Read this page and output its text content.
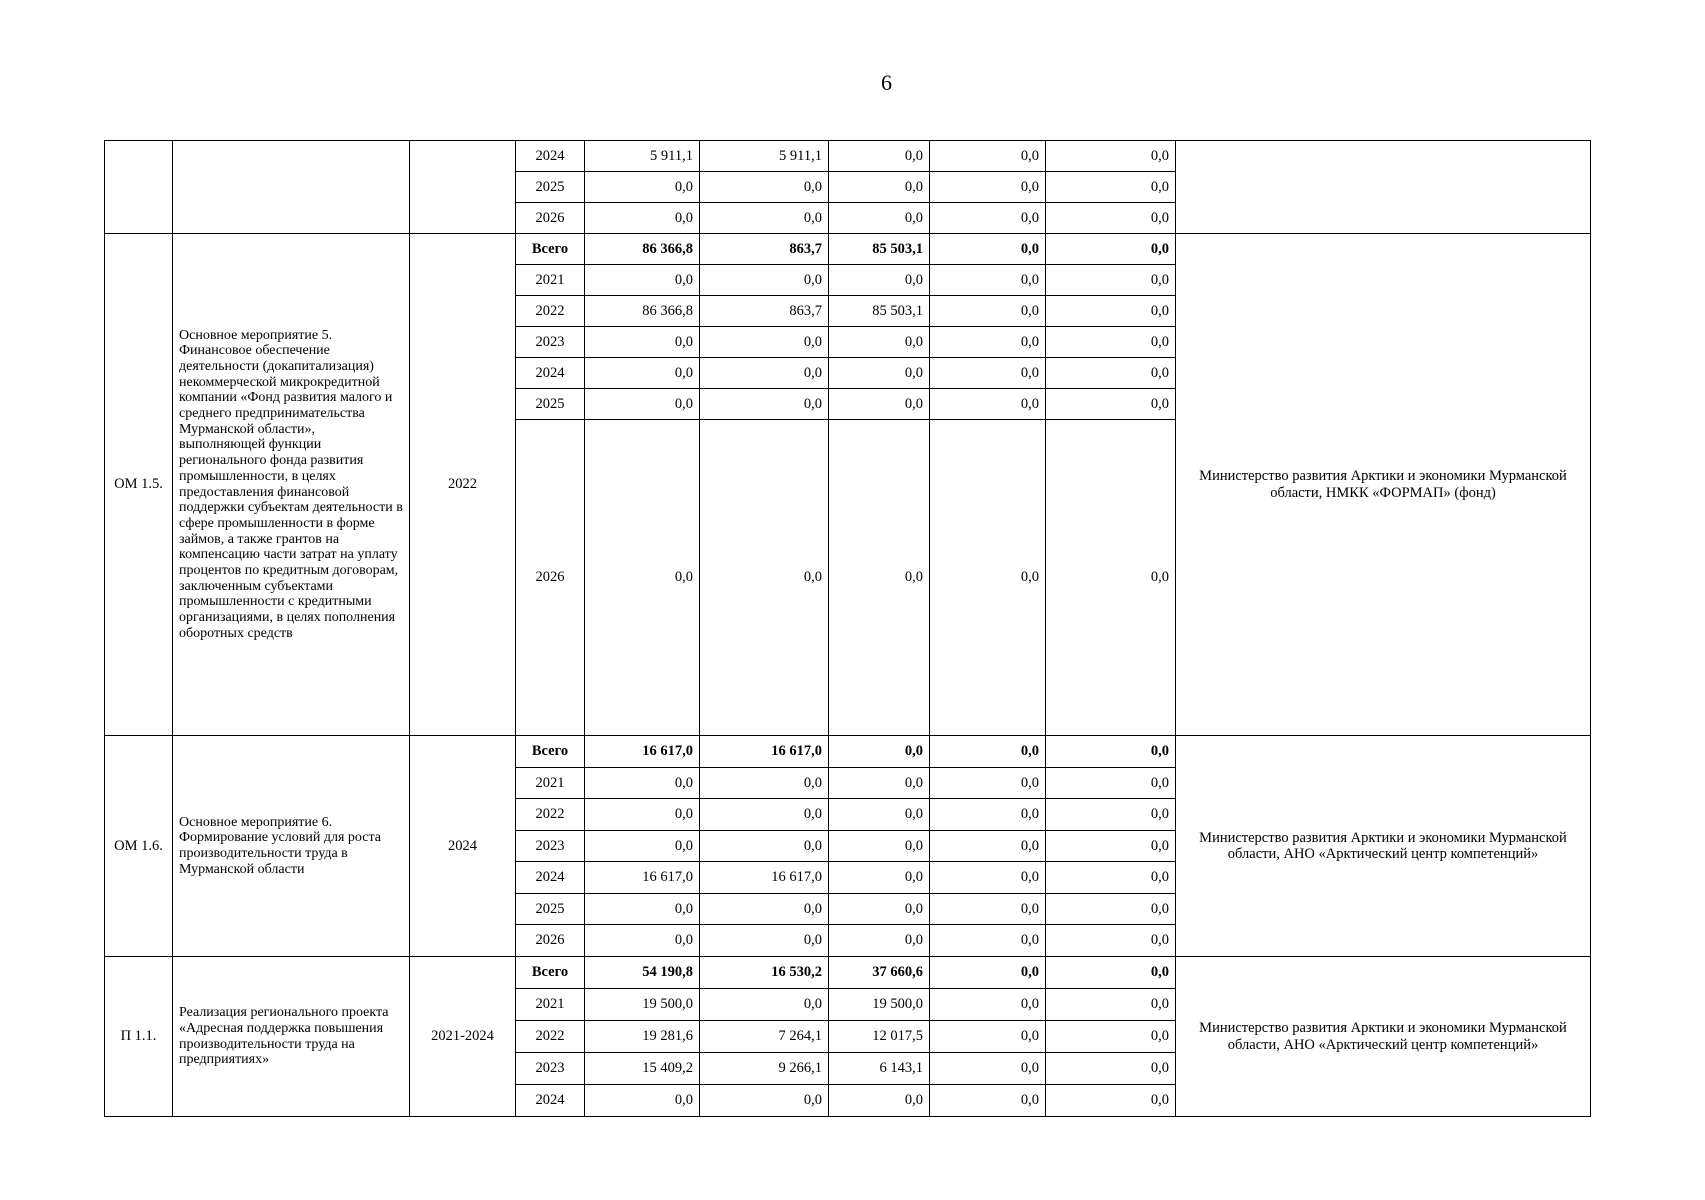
6
			2024	5 911,1	5 911,1	0,0	0,0	0,0	
			2025	0,0	0,0	0,0	0,0	0,0	
			2026	0,0	0,0	0,0	0,0	0,0	
ОМ 1.5.	Основное мероприятие 5. Финансовое обеспечение деятельности (докапитализация) некоммерческой микрокредитной компании «Фонд развития малого и среднего предпринимательства Мурманской области», выполняющей функции регионального фонда развития промышленности, в целях предоставления финансовой поддержки субъектам деятельности в сфере промышленности в форме займов, а также грантов на компенсацию части затрат на уплату процентов по кредитным договорам, заключенным субъектами промышленности с кредитными организациями, в целях пополнения оборотных средств	2022	Всего	86 366,8	863,7	85 503,1	0,0	0,0	Министерство развития Арктики и экономики Мурманской области, НМКК «ФОРМАП» (фонд)
			2021	0,0	0,0	0,0	0,0	0,0	
			2022	86 366,8	863,7	85 503,1	0,0	0,0	
			2023	0,0	0,0	0,0	0,0	0,0	
			2024	0,0	0,0	0,0	0,0	0,0	
			2025	0,0	0,0	0,0	0,0	0,0	
			2026	0,0	0,0	0,0	0,0	0,0	
ОМ 1.6.	Основное мероприятие 6. Формирование условий для роста производительности труда в Мурманской области	2024	Всего	16 617,0	16 617,0	0,0	0,0	0,0	Министерство развития Арктики и экономики Мурманской области, АНО «Арктический центр компетенций»
			2021	0,0	0,0	0,0	0,0	0,0	
			2022	0,0	0,0	0,0	0,0	0,0	
			2023	0,0	0,0	0,0	0,0	0,0	
			2024	16 617,0	16 617,0	0,0	0,0	0,0	
			2025	0,0	0,0	0,0	0,0	0,0	
			2026	0,0	0,0	0,0	0,0	0,0	
П 1.1.	Реализация регионального проекта «Адресная поддержка повышения производительности труда на предприятиях»	2021-2024	Всего	54 190,8	16 530,2	37 660,6	0,0	0,0	Министерство развития Арктики и экономики Мурманской области, АНО «Арктический центр компетенций»
			2021	19 500,0	0,0	19 500,0	0,0	0,0	
			2022	19 281,6	7 264,1	12 017,5	0,0	0,0	
			2023	15 409,2	9 266,1	6 143,1	0,0	0,0	
			2024	0,0	0,0	0,0	0,0	0,0	
